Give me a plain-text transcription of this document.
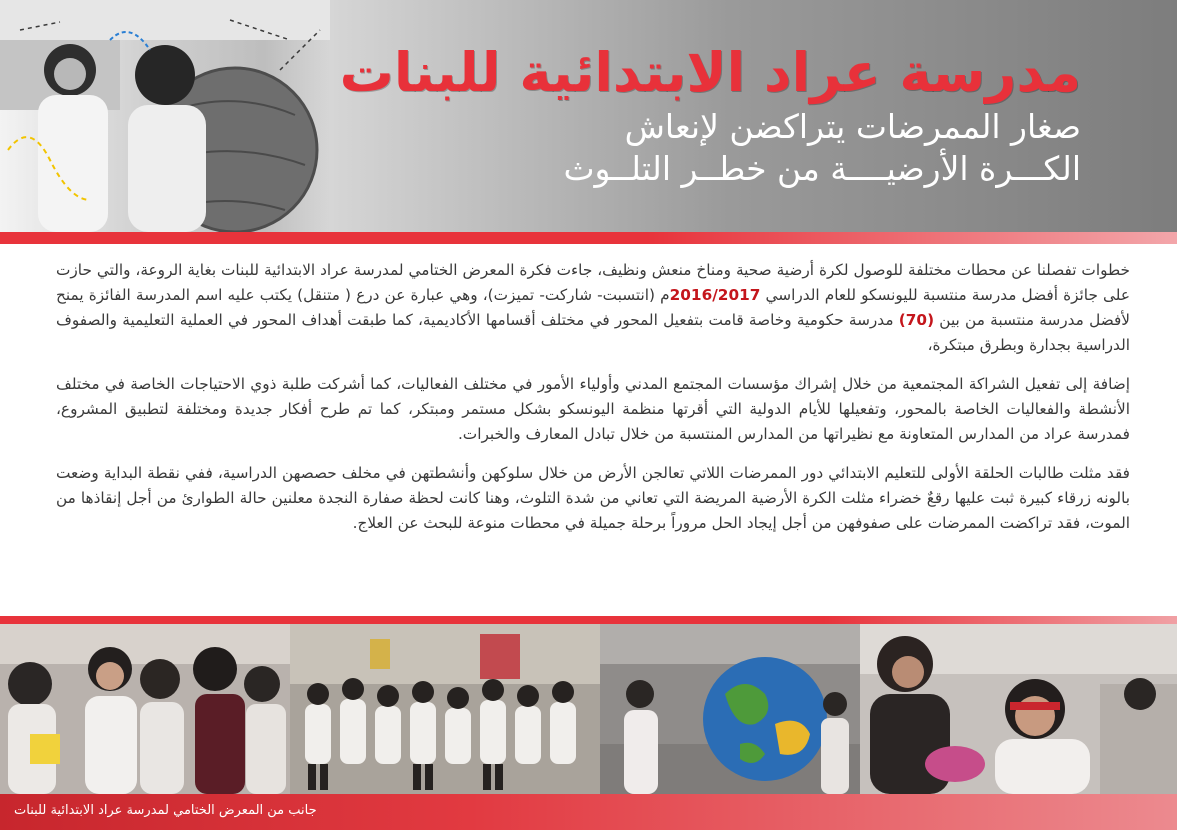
مدرسة عراد الابتدائية للبنات
صغار الممرضات يتراكضن لإنعاش
الكـــرة الأرضيــــة من خطــر التلــوث

خطوات تفصلنا عن محطات مختلفة للوصول لكرة أرضية صحية ومناخ منعش ونظيف، جاءت فكرة المعرض الختامي لمدرسة عراد الابتدائية للبنات بغاية الروعة، والتي حازت على جائزة أفضل مدرسة منتسبة لليونسكو للعام الدراسي 2016/2017م (انتسبت- شاركت- تميزت)، وهي عبارة عن درع ( متنقل) يكتب عليه اسم المدرسة الفائزة يمنح لأفضل مدرسة منتسبة من بين (70) مدرسة حكومية وخاصة قامت بتفعيل المحور في مختلف أقسامها الأكاديمية، كما طبقت أهداف المحور في العملية التعليمية والصفوف الدراسية بجدارة وبطرق مبتكرة،

إضافة إلى تفعيل الشراكة المجتمعية من خلال إشراك مؤسسات المجتمع المدني وأولياء الأمور في مختلف الفعاليات، كما أشركت طلبة ذوي الاحتياجات الخاصة في مختلف الأنشطة والفعاليات الخاصة بالمحور، وتفعيلها للأيام الدولية التي أقرتها منظمة اليونسكو بشكل مستمر ومبتكر، كما تم طرح أفكار جديدة ومختلفة لتطبيق المشروع، فمدرسة عراد من المدارس المتعاونة مع نظيراتها من المدارس المنتسبة من خلال تبادل المعارف والخبرات.

فقد مثلت طالبات الحلقة الأولى للتعليم الابتدائي دور الممرضات اللاتي تعالجن الأرض من خلال سلوكهن وأنشطتهن في مخلف حصصهن الدراسية، ففي نقطة البداية وضعت بالونه زرقاء كبيرة ثبت عليها رقعٌ خضراء مثلت الكرة الأرضية المريضة التي تعاني من شدة التلوث، وهنا كانت لحظة صفارة النجدة معلنين حالة الطوارئ من أجل إنقاذها من الموت، فقد تراكضت الممرضات على صفوفهن من أجل إيجاد الحل مروراً برحلة جميلة في محطات منوعة للبحث عن العلاج.

جانب من المعرض الختامي لمدرسة عراد الابتدائية للبنات
